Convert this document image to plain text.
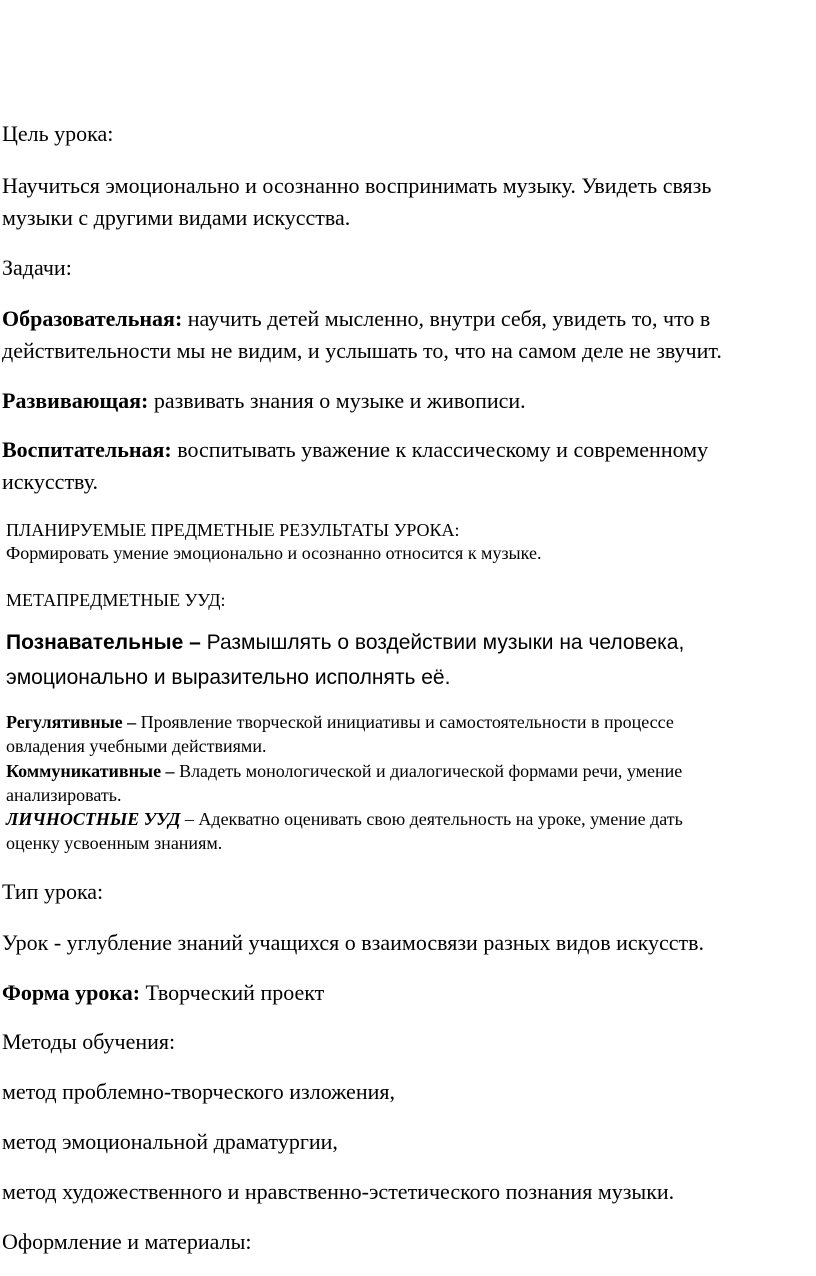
Цель урока:

Научиться эмоционально и осознанно воспринимать музыку. Увидеть связь

музыки с другими видами искусства.

Задачи:

Образовательная: научить детей мысленно, внутри себя, увидеть то, что в

действительности мы не видим, и услышать то, что на самом деле не звучит.

Развивающая: развивать знания о музыке и живописи.

Воспитательная: воспитывать уважение к классическому и современному

искусству.

ПЛАНИРУЕМЫЕ ПРЕДМЕТНЫЕ РЕЗУЛЬТАТЫ УРОКА:

Формировать умение эмоционально и осознанно относится к музыке.

МЕТАПРЕДМЕТНЫЕ УУД:

Познавательные – Размышлять о воздействии музыки на человека,

эмоционально и выразительно исполнять её.

Регулятивные – Проявление творческой инициативы и самостоятельности в процессе

овладения учебными действиями.

Коммуникативные – Владеть монологической и диалогической формами речи, умение

анализировать.

ЛИЧНОСТНЫЕ УУД – Адекватно оценивать свою деятельность на уроке, умение дать

оценку усвоенным знаниям.

Тип урока:

Урок - углубление знаний учащихся о взаимосвязи разных видов искусств.

Форма урока: Творческий проект

Методы обучения:

метод проблемно-творческого изложения,

метод эмоциональной драматургии,

метод художественного и нравственно-эстетического познания музыки.

Оформление и материалы:
